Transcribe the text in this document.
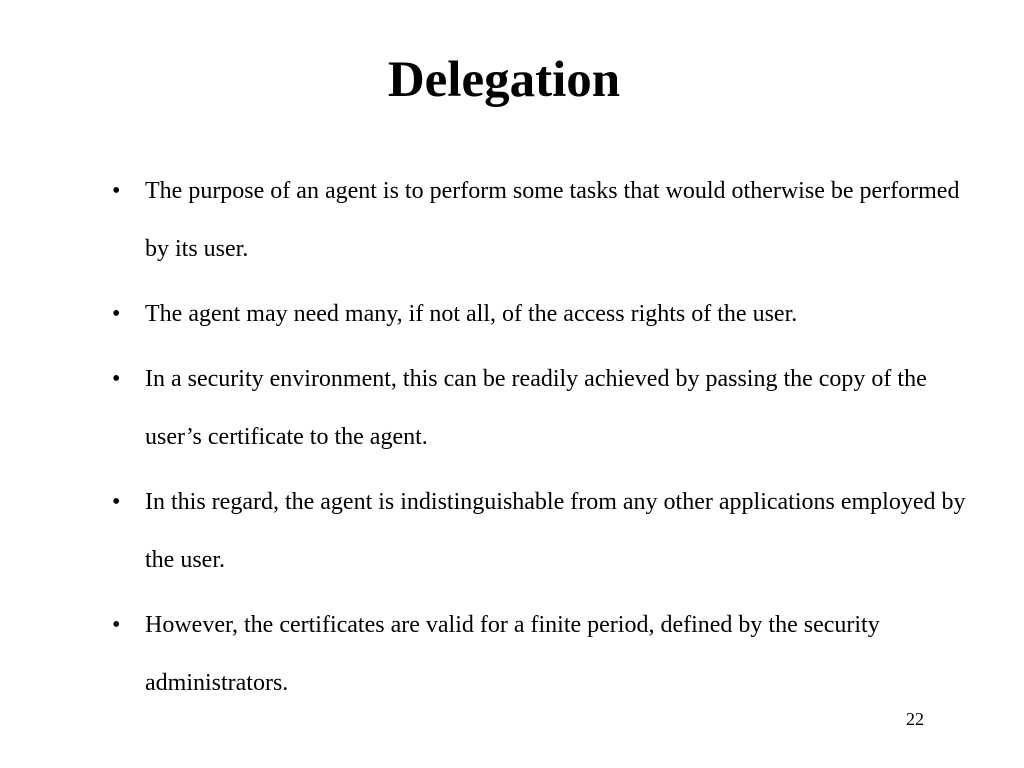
Delegation
•	The purpose of an agent is to perform some tasks that would otherwise be performed by its user.
•	The agent may need many, if not all, of the access rights of the user.
•	In a security environment, this can be readily achieved by passing the copy of the user’s certificate to the agent.
•	In this regard, the agent is indistinguishable from any other applications employed by the user.
•	However, the certificates are valid for a finite period, defined by the security administrators.
22
